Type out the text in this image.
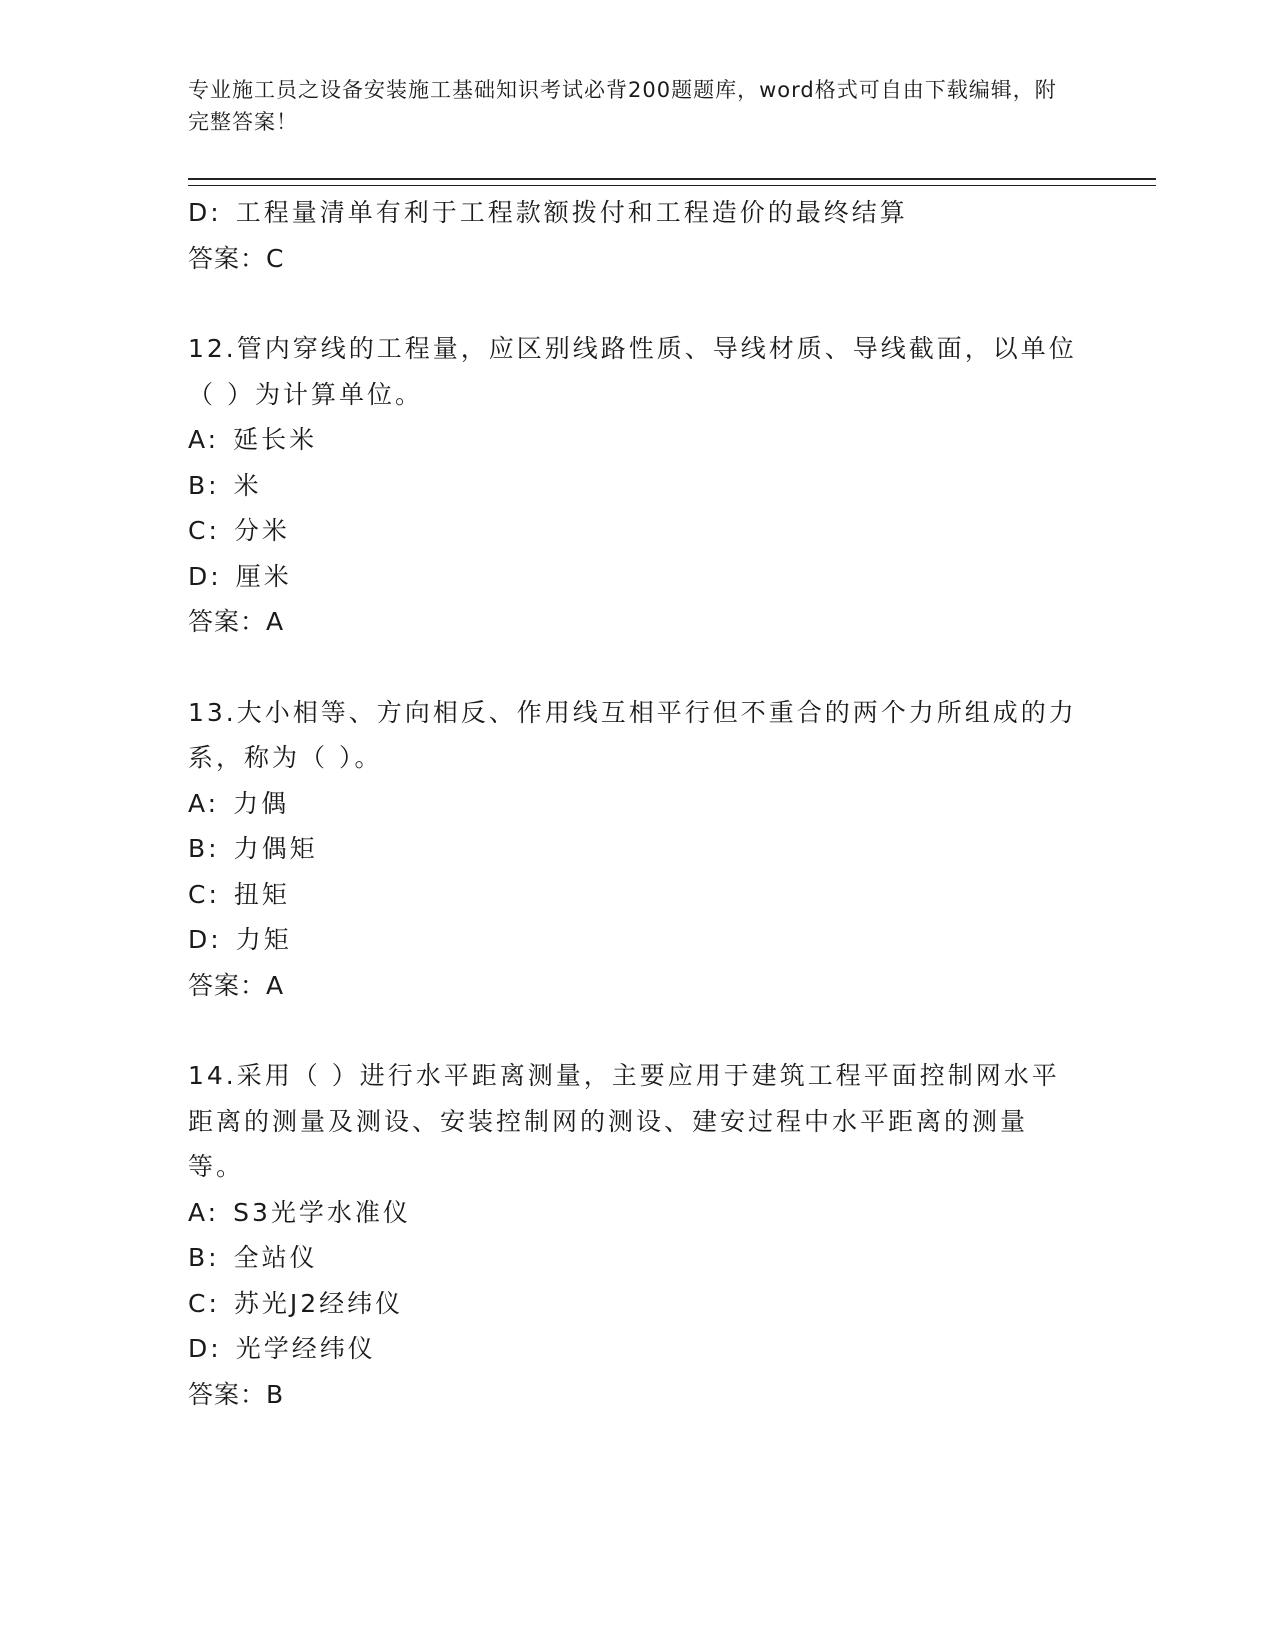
专业施工员之设备安装施工基础知识考试必背200题题库，word格式可自由下载编辑，附完整答案！
D: 工程量清单有利于工程款额拨付和工程造价的最终结算
答案：C
12.管内穿线的工程量，应区别线路性质、导线材质、导线截面，以单位（ ）为计算单位。
A: 延长米
B: 米
C: 分米
D: 厘米
答案：A
13.大小相等、方向相反、作用线互相平行但不重合的两个力所组成的力系，称为（ ）。
A: 力偶
B: 力偶矩
C: 扭矩
D: 力矩
答案：A
14.采用（ ）进行水平距离测量，主要应用于建筑工程平面控制网水平距离的测量及测设、安装控制网的测设、建安过程中水平距离的测量等。
A: S3光学水准仪
B: 全站仪
C: 苏光J2经纬仪
D: 光学经纬仪
答案：B
